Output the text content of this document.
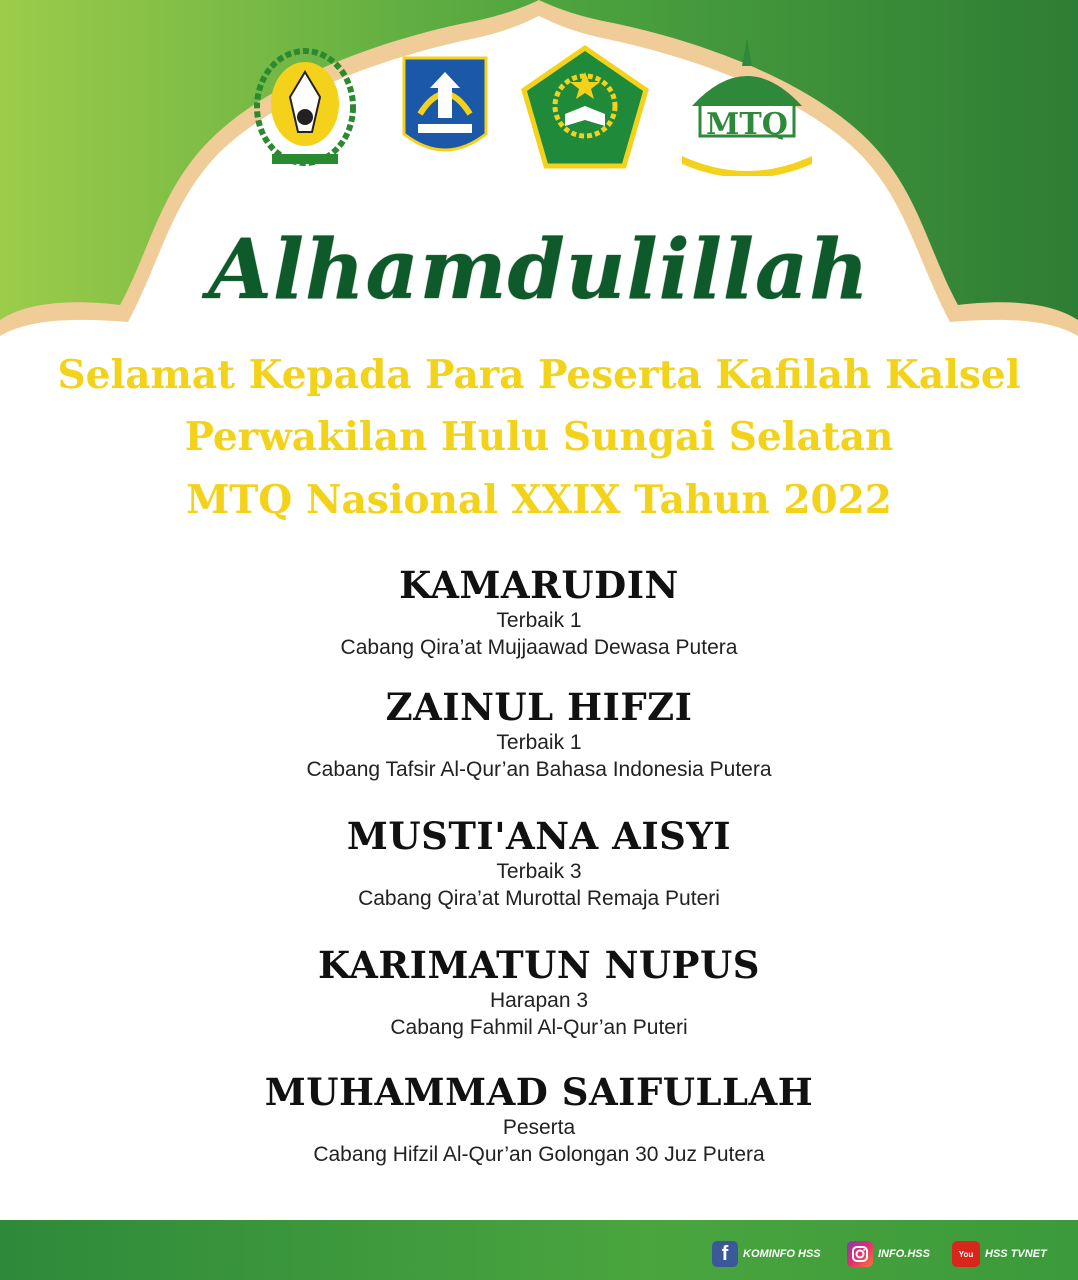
MTQ
Alhamdulillah
Selamat Kepada Para Peserta Kafilah Kalsel
Perwakilan Hulu Sungai Selatan
MTQ Nasional XXIX Tahun 2022
KAMARUDIN
Terbaik 1
Cabang Qira’at Mujjaawad Dewasa Putera
ZAINUL HIFZI
Terbaik 1
Cabang Tafsir Al-Qur’an Bahasa Indonesia Putera
MUSTI'ANA AISYI
Terbaik 3
Cabang Qira’at Murottal Remaja Puteri
KARIMATUN NUPUS
Harapan 3
Cabang Fahmil Al-Qur’an Puteri
MUHAMMAD SAIFULLAH
Peserta
Cabang Hifzil Al-Qur’an Golongan 30 Juz Putera
f	KOMINFO HSS	INFO.HSS	You	HSS TVNET
